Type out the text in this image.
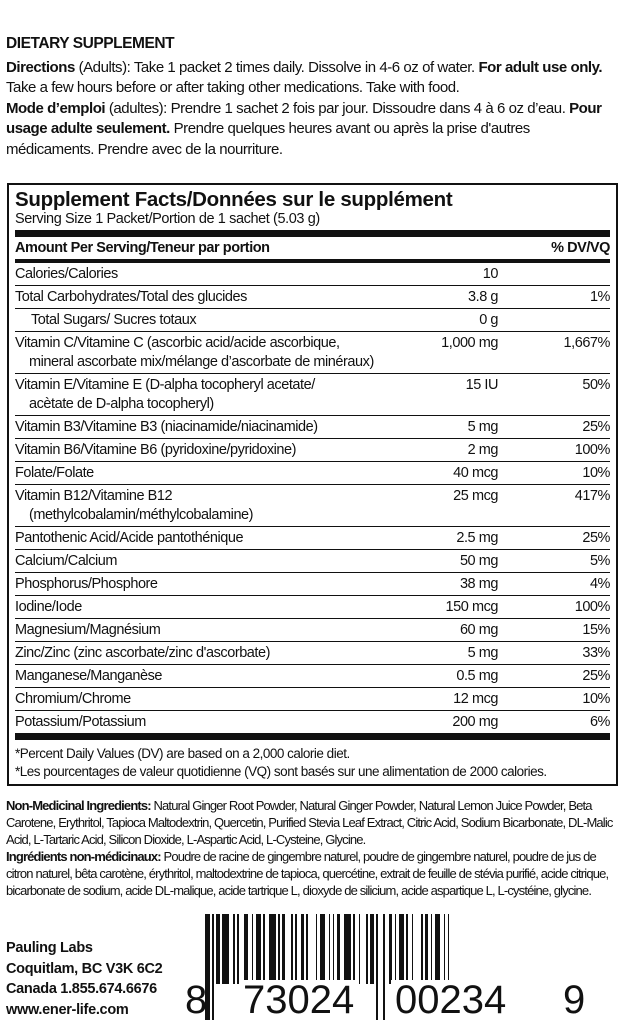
DIETARY SUPPLEMENT

Directions (Adults): Take 1 packet 2 times daily. Dissolve in 4-6 oz of water. For adult use only. Take a few hours before or after taking other medications. Take with food.

Mode d’emploi (adultes): Prendre 1 sachet 2 fois par jour. Dissoudre dans 4 à 6 oz d’eau. Pour usage adulte seulement. Prendre quelques heures avant ou après la prise d'autres médicaments. Prendre avec de la nourriture.

Supplement Facts/Données sur le supplément
Serving Size 1 Packet/Portion de 1 sachet (5.03 g)
Amount Per Serving/Teneur par portion	% DV/VQ
Calories/Calories	10
Total Carbohydrates/Total des glucides	3.8 g	1%
Total Sugars/ Sucres totaux	0 g
Vitamin C/Vitamine C (ascorbic acid/acide ascorbique,
mineral ascorbate mix/mélange d’ascorbate de minéraux)
1,000 mg	1,667%
Vitamin E/Vitamine E (D-alpha tocopheryl acetate/
acètate de D-alpha tocopheryl)
15 IU	50%
Vitamin B3/Vitamine B3 (niacinamide/niacinamide)	5 mg	25%
Vitamin B6/Vitamine B6 (pyridoxine/pyridoxine)	2 mg	100%
Folate/Folate	40 mcg	10%
Vitamin B12/Vitamine B12
(methylcobalamin/méthylcobalamine)
25 mcg	417%
Pantothenic Acid/Acide pantothénique	2.5 mg	25%
Calcium/Calcium	50 mg	5%
Phosphorus/Phosphore	38 mg	4%
Iodine/Iode	150 mcg	100%
Magnesium/Magnésium	60 mg	15%
Zinc/Zinc (zinc ascorbate/zinc d'ascorbate)	5 mg	33%
Manganese/Manganèse	0.5 mg	25%
Chromium/Chrome	12 mcg	10%
Potassium/Potassium	200 mg	6%
*Percent Daily Values (DV) are based on a 2,000 calorie diet.
*Les pourcentages de valeur quotidienne (VQ) sont basés sur une alimentation de 2000 calories.

Non-Medicinal Ingredients: Natural Ginger Root Powder, Natural Ginger Powder, Natural Lemon Juice Powder, Beta Carotene, Erythritol, Tapioca Maltodextrin, Quercetin, Purified Stevia Leaf Extract, Citric Acid, Sodium Bicarbonate, DL-Malic Acid, L-Tartaric Acid, Silicon Dioxide, L-Aspartic Acid, L-Cysteine, Glycine.

Ingrédients non-médicinaux: Poudre de racine de gingembre naturel, poudre de gingembre naturel, poudre de jus de citron naturel, bêta carotène, érythritol, maltodextrine de tapioca, quercétine, extrait de feuille de stévia purifié, acide citrique, bicarbonate de sodium, acide DL-malique, acide tartrique L, dioxyde de silicium, acide aspartique L, L-cystéine, glycine.

Pauling Labs
Coquitlam, BC V3K 6C2
Canada 1.855.674.6676
www.ener-life.com	8 73024 00234 9
